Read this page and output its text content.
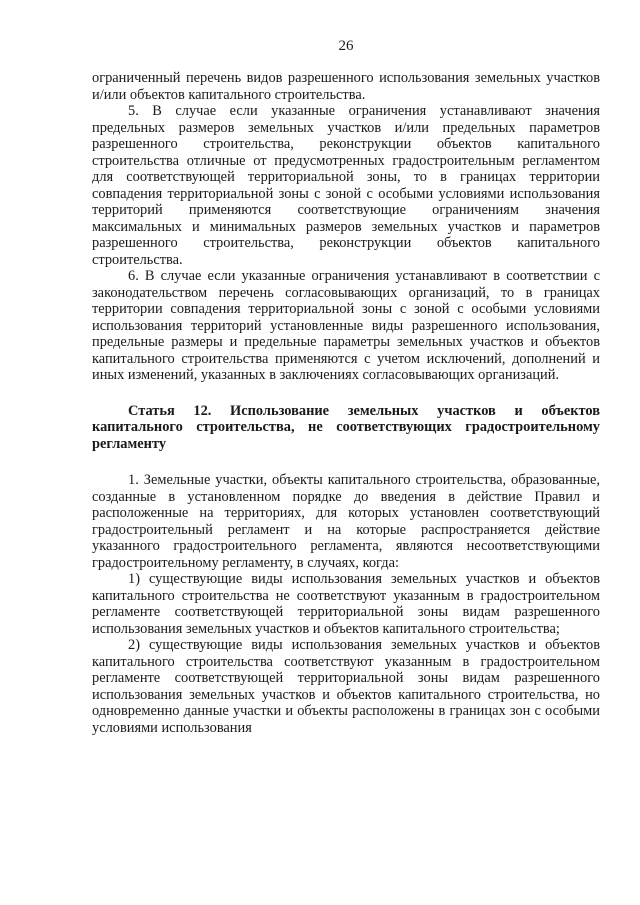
26

ограниченный перечень видов разрешенного использования земельных участков и/или объектов капитального строительства.

5. В случае если указанные ограничения устанавливают значения предельных размеров земельных участков и/или предельных параметров разрешенного строительства, реконструкции объектов капитального строительства отличные от предусмотренных градостроительным регламентом для соответствующей территориальной зоны, то в границах территории совпадения территориальной зоны с зоной с особыми условиями использования территорий применяются соответствующие ограничениям значения максимальных и минимальных размеров земельных участков и параметров разрешенного строительства, реконструкции объектов капитального строительства.

6. В случае если указанные ограничения устанавливают в соответствии с законодательством перечень согласовывающих организаций, то в границах территории совпадения территориальной зоны с зоной с особыми условиями использования территорий установленные виды разрешенного использования, предельные размеры и предельные параметры земельных участков и объектов капитального строительства применяются с учетом исключений, дополнений и иных изменений, указанных в заключениях согласовывающих организаций.

Статья 12. Использование земельных участков и объектов капитального строительства, не соответствующих градостроительному регламенту

1. Земельные участки, объекты капитального строительства, образованные, созданные в установленном порядке до введения в действие Правил и расположенные на территориях, для которых установлен соответствующий градостроительный регламент и на которые распространяется действие указанного градостроительного регламента, являются несоответствующими градостроительному регламенту, в случаях, когда:

1) существующие виды использования земельных участков и объектов капитального строительства не соответствуют указанным в градостроительном регламенте соответствующей территориальной зоны видам разрешенного использования земельных участков и объектов капитального строительства;

2) существующие виды использования земельных участков и объектов капитального строительства соответствуют указанным в градостроительном регламенте соответствующей территориальной зоны видам разрешенного использования земельных участков и объектов капитального строительства, но одновременно данные участки и объекты расположены в границах зон с особыми условиями использования
